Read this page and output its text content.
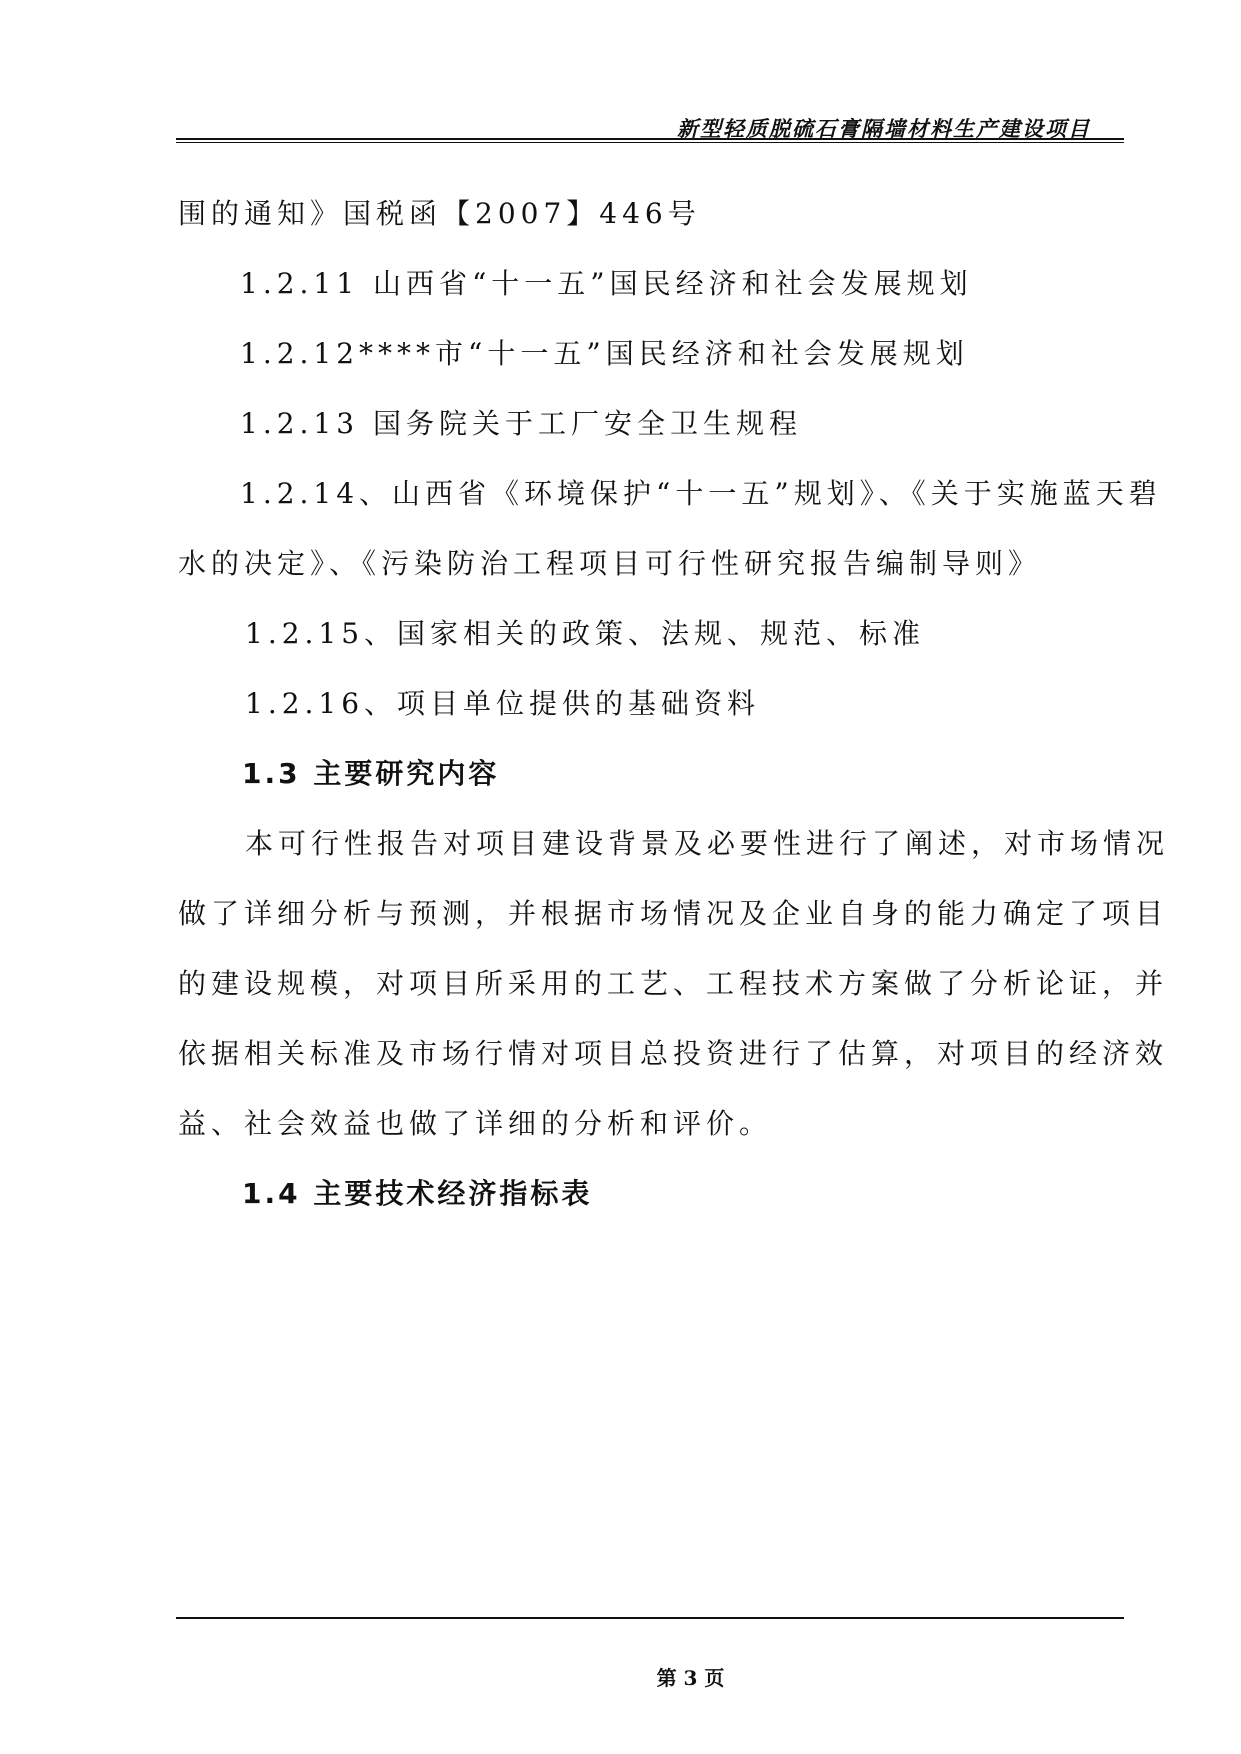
新型轻质脱硫石膏隔墙材料生产建设项目
围的通知》国税函【2007】446号
1.2.11 山西省“十一五”国民经济和社会发展规划
1.2.12****市“十一五”国民经济和社会发展规划
1.2.13 国务院关于工厂安全卫生规程
1.2.14、山西省《环境保护“十一五”规划》、《关于实施蓝天碧
水的决定》、《污染防治工程项目可行性研究报告编制导则》
1.2.15、国家相关的政策、法规、规范、标准
1.2.16、项目单位提供的基础资料
1.3 主要研究内容
本可行性报告对项目建设背景及必要性进行了阐述，对市场情况
做了详细分析与预测，并根据市场情况及企业自身的能力确定了项目
的建设规模，对项目所采用的工艺、工程技术方案做了分析论证，并
依据相关标准及市场行情对项目总投资进行了估算，对项目的经济效
益、社会效益也做了详细的分析和评价。
1.4 主要技术经济指标表
第 3 页
